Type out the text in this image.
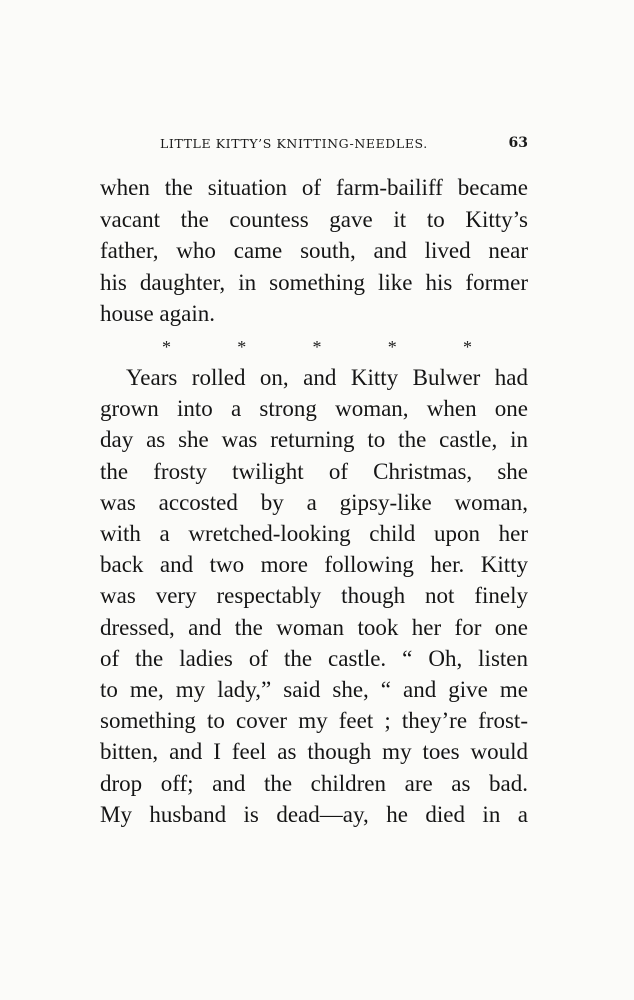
LITTLE KITTY’S KNITTING-NEEDLES.	63
when the situation of farm-bailiff became
vacant the countess gave it to Kitty’s
father, who came south, and lived near
his daughter, in something like his former
house again.
*	*	*	*	*
Years rolled on, and Kitty Bulwer had
grown into a strong woman, when one
day as she was returning to the castle, in
the frosty twilight of Christmas, she
was accosted by a gipsy-like woman,
with a wretched-looking child upon her
back and two more following her. Kitty
was very respectably though not finely
dressed, and the woman took her for one
of the ladies of the castle. “ Oh, listen
to me, my lady,” said she, “ and give me
something to cover my feet ; they’re frost-
bitten, and I feel as though my toes would
drop off; and the children are as bad.
My husband is dead—ay, he died in a
